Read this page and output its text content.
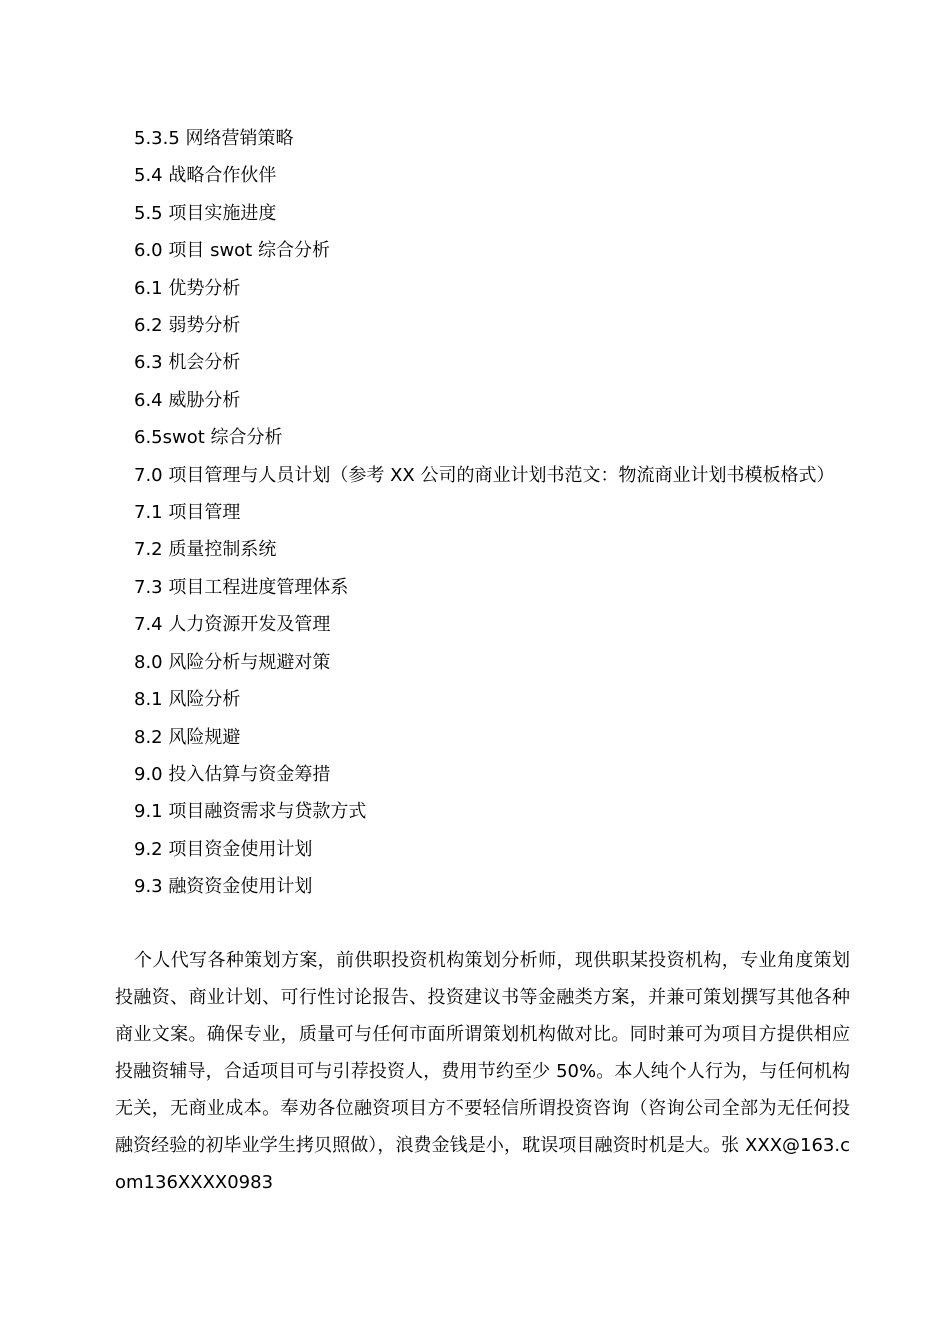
5.3.5 网络营销策略
5.4 战略合作伙伴
5.5 项目实施进度
6.0 项目 swot 综合分析
6.1 优势分析
6.2 弱势分析
6.3 机会分析
6.4 威胁分析
6.5swot 综合分析
7.0 项目管理与人员计划（参考 XX 公司的商业计划书范文：物流商业计划书模板格式）
7.1 项目管理
7.2 质量控制系统
7.3 项目工程进度管理体系
7.4 人力资源开发及管理
8.0 风险分析与规避对策
8.1 风险分析
8.2 风险规避
9.0 投入估算与资金筹措
9.1 项目融资需求与贷款方式
9.2 项目资金使用计划
9.3 融资资金使用计划

个人代写各种策划方案，前供职投资机构策划分析师，现供职某投资机构，专业角度策划投融资、商业计划、可行性讨论报告、投资建议书等金融类方案，并兼可策划撰写其他各种商业文案。确保专业，质量可与任何市面所谓策划机构做对比。同时兼可为项目方提供相应投融资辅导，合适项目可与引荐投资人，费用节约至少 50%。本人纯个人行为，与任何机构无关，无商业成本。奉劝各位融资项目方不要轻信所谓投资咨询（咨询公司全部为无任何投融资经验的初毕业学生拷贝照做），浪费金钱是小，耽误项目融资时机是大。张 XXX@163.com136XXXX0983
